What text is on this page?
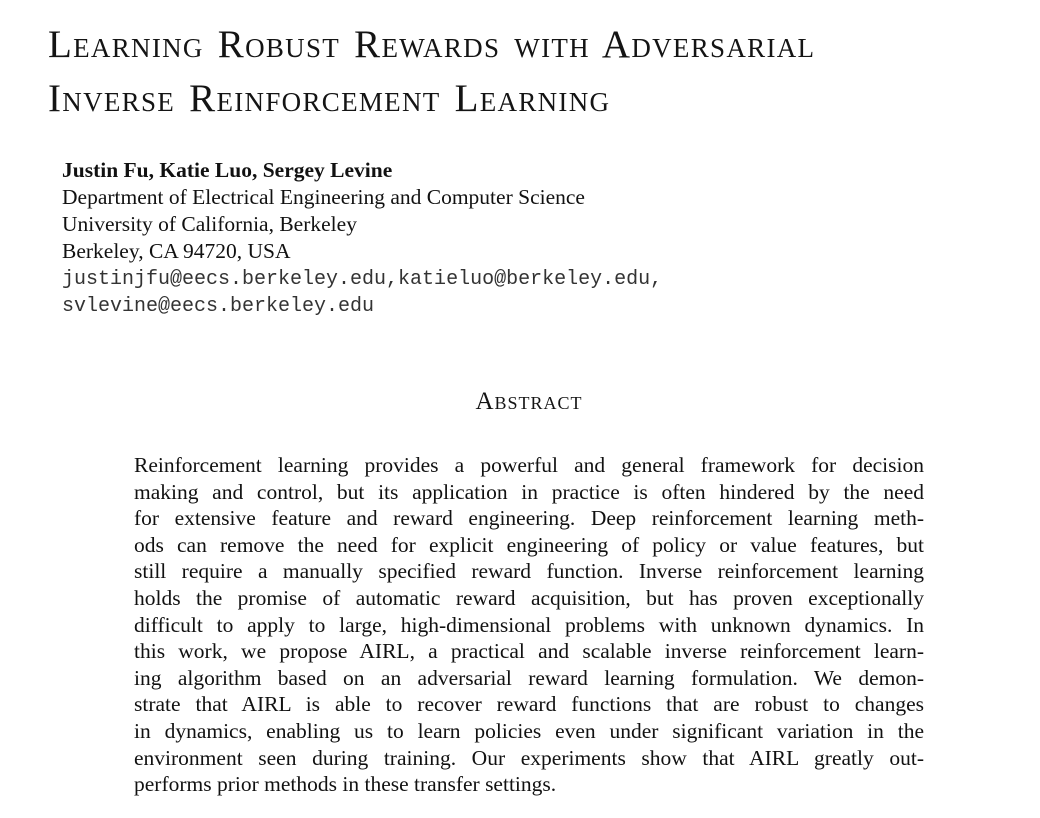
Learning Robust Rewards with Adversarial
Inverse Reinforcement Learning
Justin Fu, Katie Luo, Sergey Levine
Department of Electrical Engineering and Computer Science
University of California, Berkeley
Berkeley, CA 94720, USA
justinjfu@eecs.berkeley.edu,katieluo@berkeley.edu,
svlevine@eecs.berkeley.edu
Abstract
Reinforcement learning provides a powerful and general framework for decision
making and control, but its application in practice is often hindered by the need
for extensive feature and reward engineering. Deep reinforcement learning meth-
ods can remove the need for explicit engineering of policy or value features, but
still require a manually specified reward function. Inverse reinforcement learning
holds the promise of automatic reward acquisition, but has proven exceptionally
difficult to apply to large, high-dimensional problems with unknown dynamics. In
this work, we propose AIRL, a practical and scalable inverse reinforcement learn-
ing algorithm based on an adversarial reward learning formulation. We demon-
strate that AIRL is able to recover reward functions that are robust to changes
in dynamics, enabling us to learn policies even under significant variation in the
environment seen during training. Our experiments show that AIRL greatly out-
performs prior methods in these transfer settings.
